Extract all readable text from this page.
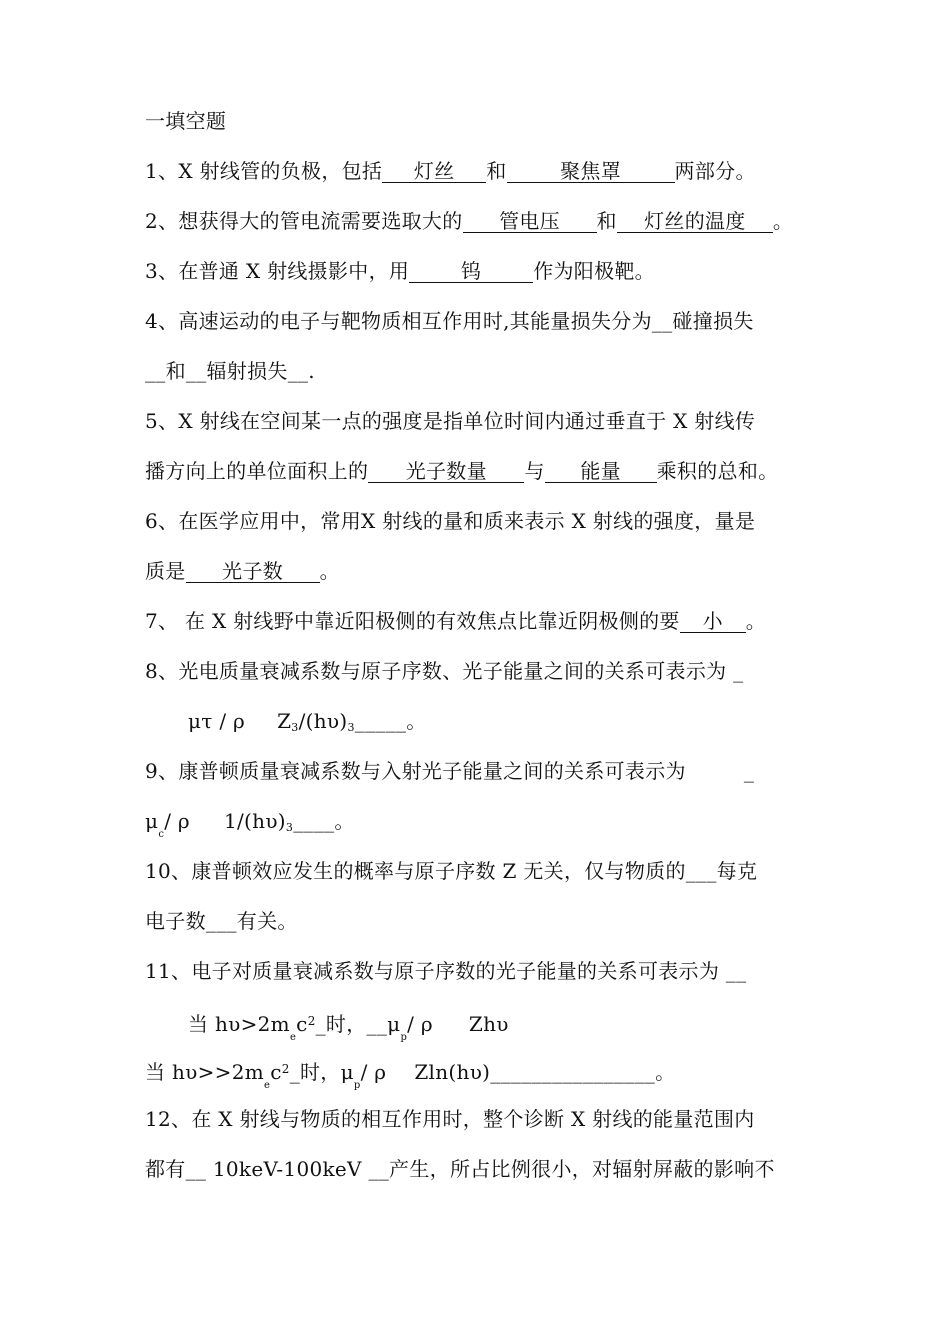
一填空题
1、X 射线管的负极，包括 灯丝 和	聚焦罩	两部分。
2、想获得大的管电流需要选取大的 管电压 和 灯丝的温度 。
3、在普通 X 射线摄影中，用	钨	作为阳极靶。
4、高速运动的电子与靶物质相互作用时,其能量损失分为__碰撞损失
__和__辐射损失__.
5、X 射线在空间某一点的强度是指单位时间内通过垂直于 X 射线传
播方向上的单位面积上的 光子数量 与 能量 乘积的总和。
6、在医学应用中，常用X 射线的量和质来表示 X 射线的强度，量是
质是 光子数 。
7、 在 X 射线野中靠近阳极侧的有效焦点比靠近阴极侧的要 小 。
8、光电质量衰减系数与原子序数、光子能量之间的关系可表示为 _
μτ / ρ Z3/(hυ)3_____。
9、康普顿质量衰减系数与入射光子能量之间的关系可表示为	_
$\mu_c/$ ρ 1/(hυ)3____。
10、康普顿效应发生的概率与原子序数 Z 无关，仅与物质的___每克
电子数___有关。
11、电子对质量衰减系数与原子序数的光子能量的关系可表示为 __
当 $h\upsilon>2m_ec^2\_$时，$\_\_\mu_p/$ ρ Zhυ
当 $h\upsilon>>2m_ec^2\_$时，$\mu_p/$ ρ Zln(hυ)________________。
12、在 X 射线与物质的相互作用时，整个诊断 X 射线的能量范围内
都有__ 10keV-100keV __产生，所占比例很小，对辐射屏蔽的影响不
